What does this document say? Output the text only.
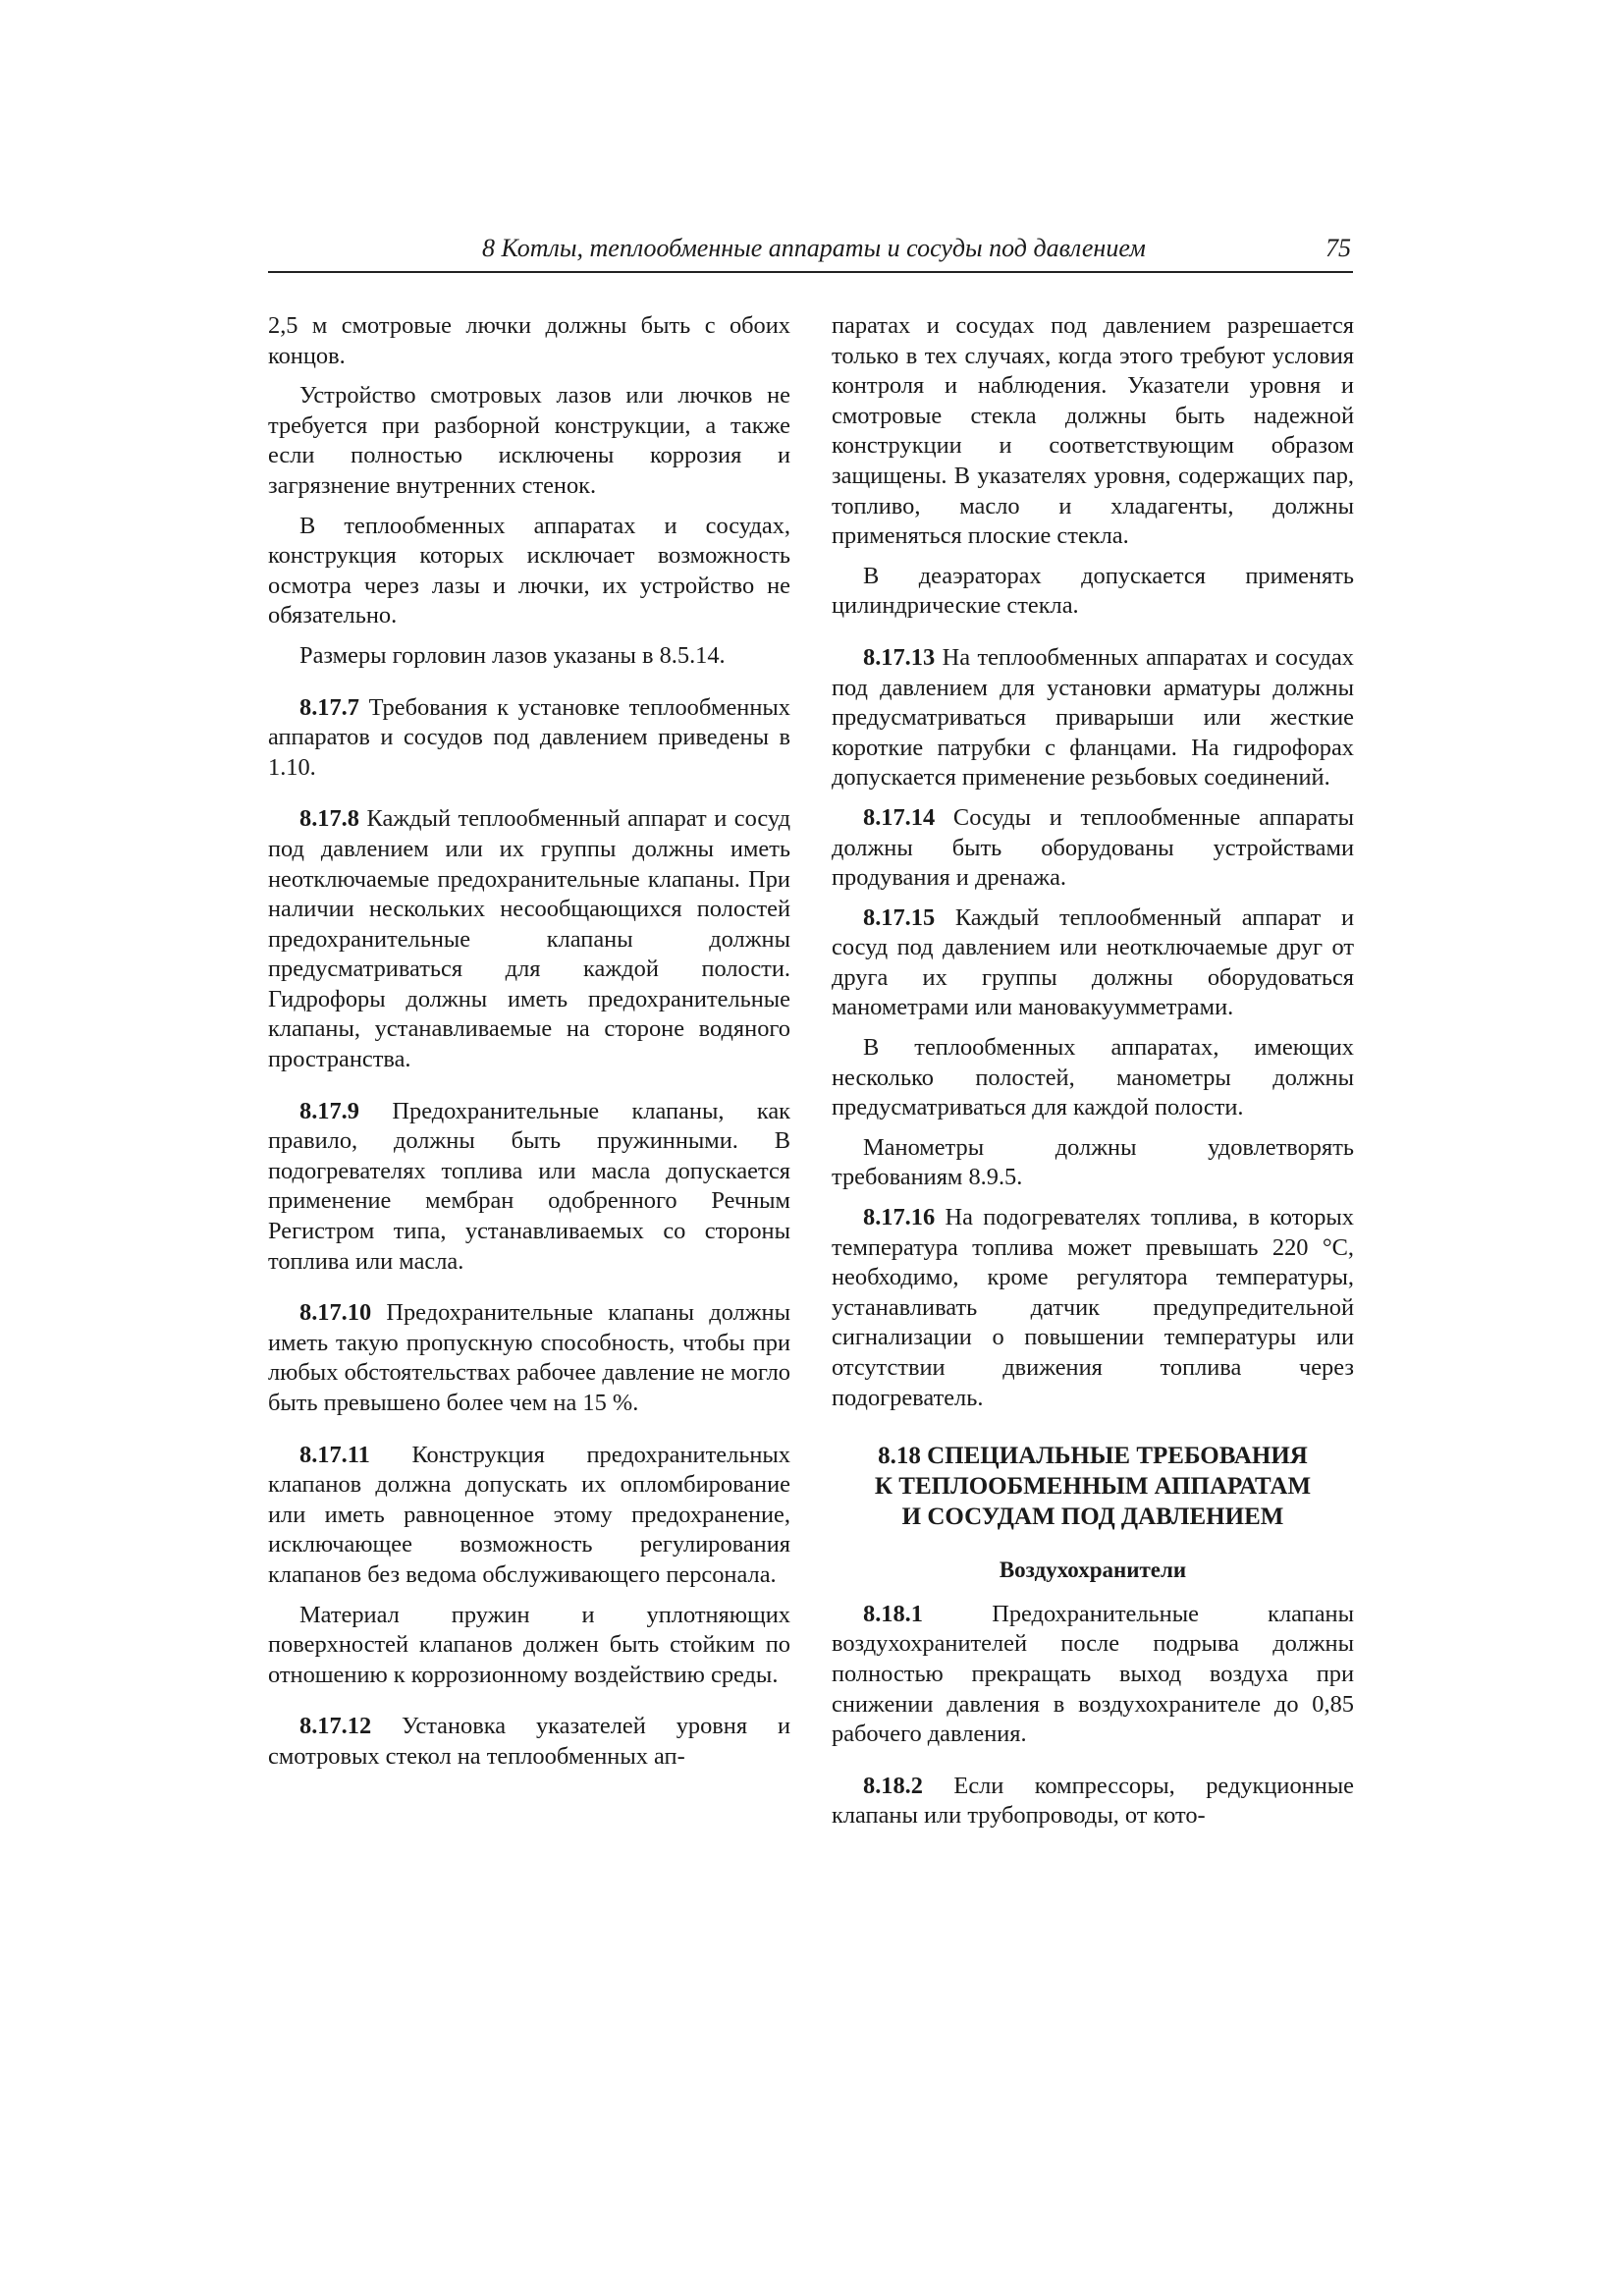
8 Котлы, теплообменные аппараты и сосуды под давлением	75

2,5 м смотровые лючки должны быть с обоих концов.

Устройство смотровых лазов или лючков не требуется при разборной конструкции, а также если полностью исключены коррозия и загрязнение внутренних стенок.

В теплообменных аппаратах и сосудах, конструкция которых исключает возможность осмотра через лазы и лючки, их устройство не обязательно.

Размеры горловин лазов указаны в 8.5.14.

8.17.7 Требования к установке теплообменных аппаратов и сосудов под давлением приведены в 1.10.

8.17.8 Каждый теплообменный аппарат и сосуд под давлением или их группы должны иметь неотключаемые предохранительные клапаны. При наличии нескольких несообщающихся полостей предохранительные клапаны должны предусматриваться для каждой полости. Гидрофоры должны иметь предохранительные клапаны, устанавливаемые на стороне водяного пространства.

8.17.9 Предохранительные клапаны, как правило, должны быть пружинными. В подогревателях топлива или масла допускается применение мембран одобренного Речным Регистром типа, устанавливаемых со стороны топлива или масла.

8.17.10 Предохранительные клапаны должны иметь такую пропускную способность, чтобы при любых обстоятельствах рабочее давление не могло быть превышено более чем на 15 %.

8.17.11 Конструкция предохранительных клапанов должна допускать их опломбирование или иметь равноценное этому предохранение, исключающее возможность регулирования клапанов без ведома обслуживающего персонала.

Материал пружин и уплотняющих поверхностей клапанов должен быть стойким по отношению к коррозионному воздействию среды.

8.17.12 Установка указателей уровня и смотровых стекол на теплообменных ап-

паратах и сосудах под давлением разрешается только в тех случаях, когда этого требуют условия контроля и наблюдения. Указатели уровня и смотровые стекла должны быть надежной конструкции и соответствующим образом защищены. В указателях уровня, содержащих пар, топливо, масло и хладагенты, должны применяться плоские стекла.

В деаэраторах допускается применять цилиндрические стекла.

8.17.13 На теплообменных аппаратах и сосудах под давлением для установки арматуры должны предусматриваться приварыши или жесткие короткие патрубки с фланцами. На гидрофорах допускается применение резьбовых соединений.

8.17.14 Сосуды и теплообменные аппараты должны быть оборудованы устройствами продувания и дренажа.

8.17.15 Каждый теплообменный аппарат и сосуд под давлением или неотключаемые друг от друга их группы должны оборудоваться манометрами или мановакуумметрами.

В теплообменных аппаратах, имеющих несколько полостей, манометры должны предусматриваться для каждой полости.

Манометры должны удовлетворять требованиям 8.9.5.

8.17.16 На подогревателях топлива, в которых температура топлива может превышать 220 °С, необходимо, кроме регулятора температуры, устанавливать датчик предупредительной сигнализации о повышении температуры или отсутствии движения топлива через подогреватель.

8.18 СПЕЦИАЛЬНЫЕ ТРЕБОВАНИЯ
К ТЕПЛООБМЕННЫМ АППАРАТАМ
И СОСУДАМ ПОД ДАВЛЕНИЕМ
Воздухохранители

8.18.1 Предохранительные клапаны воздухохранителей после подрыва должны полностью прекращать выход воздуха при снижении давления в воздухохранителе до 0,85 рабочего давления.

8.18.2 Если компрессоры, редукционные клапаны или трубопроводы, от кото-
